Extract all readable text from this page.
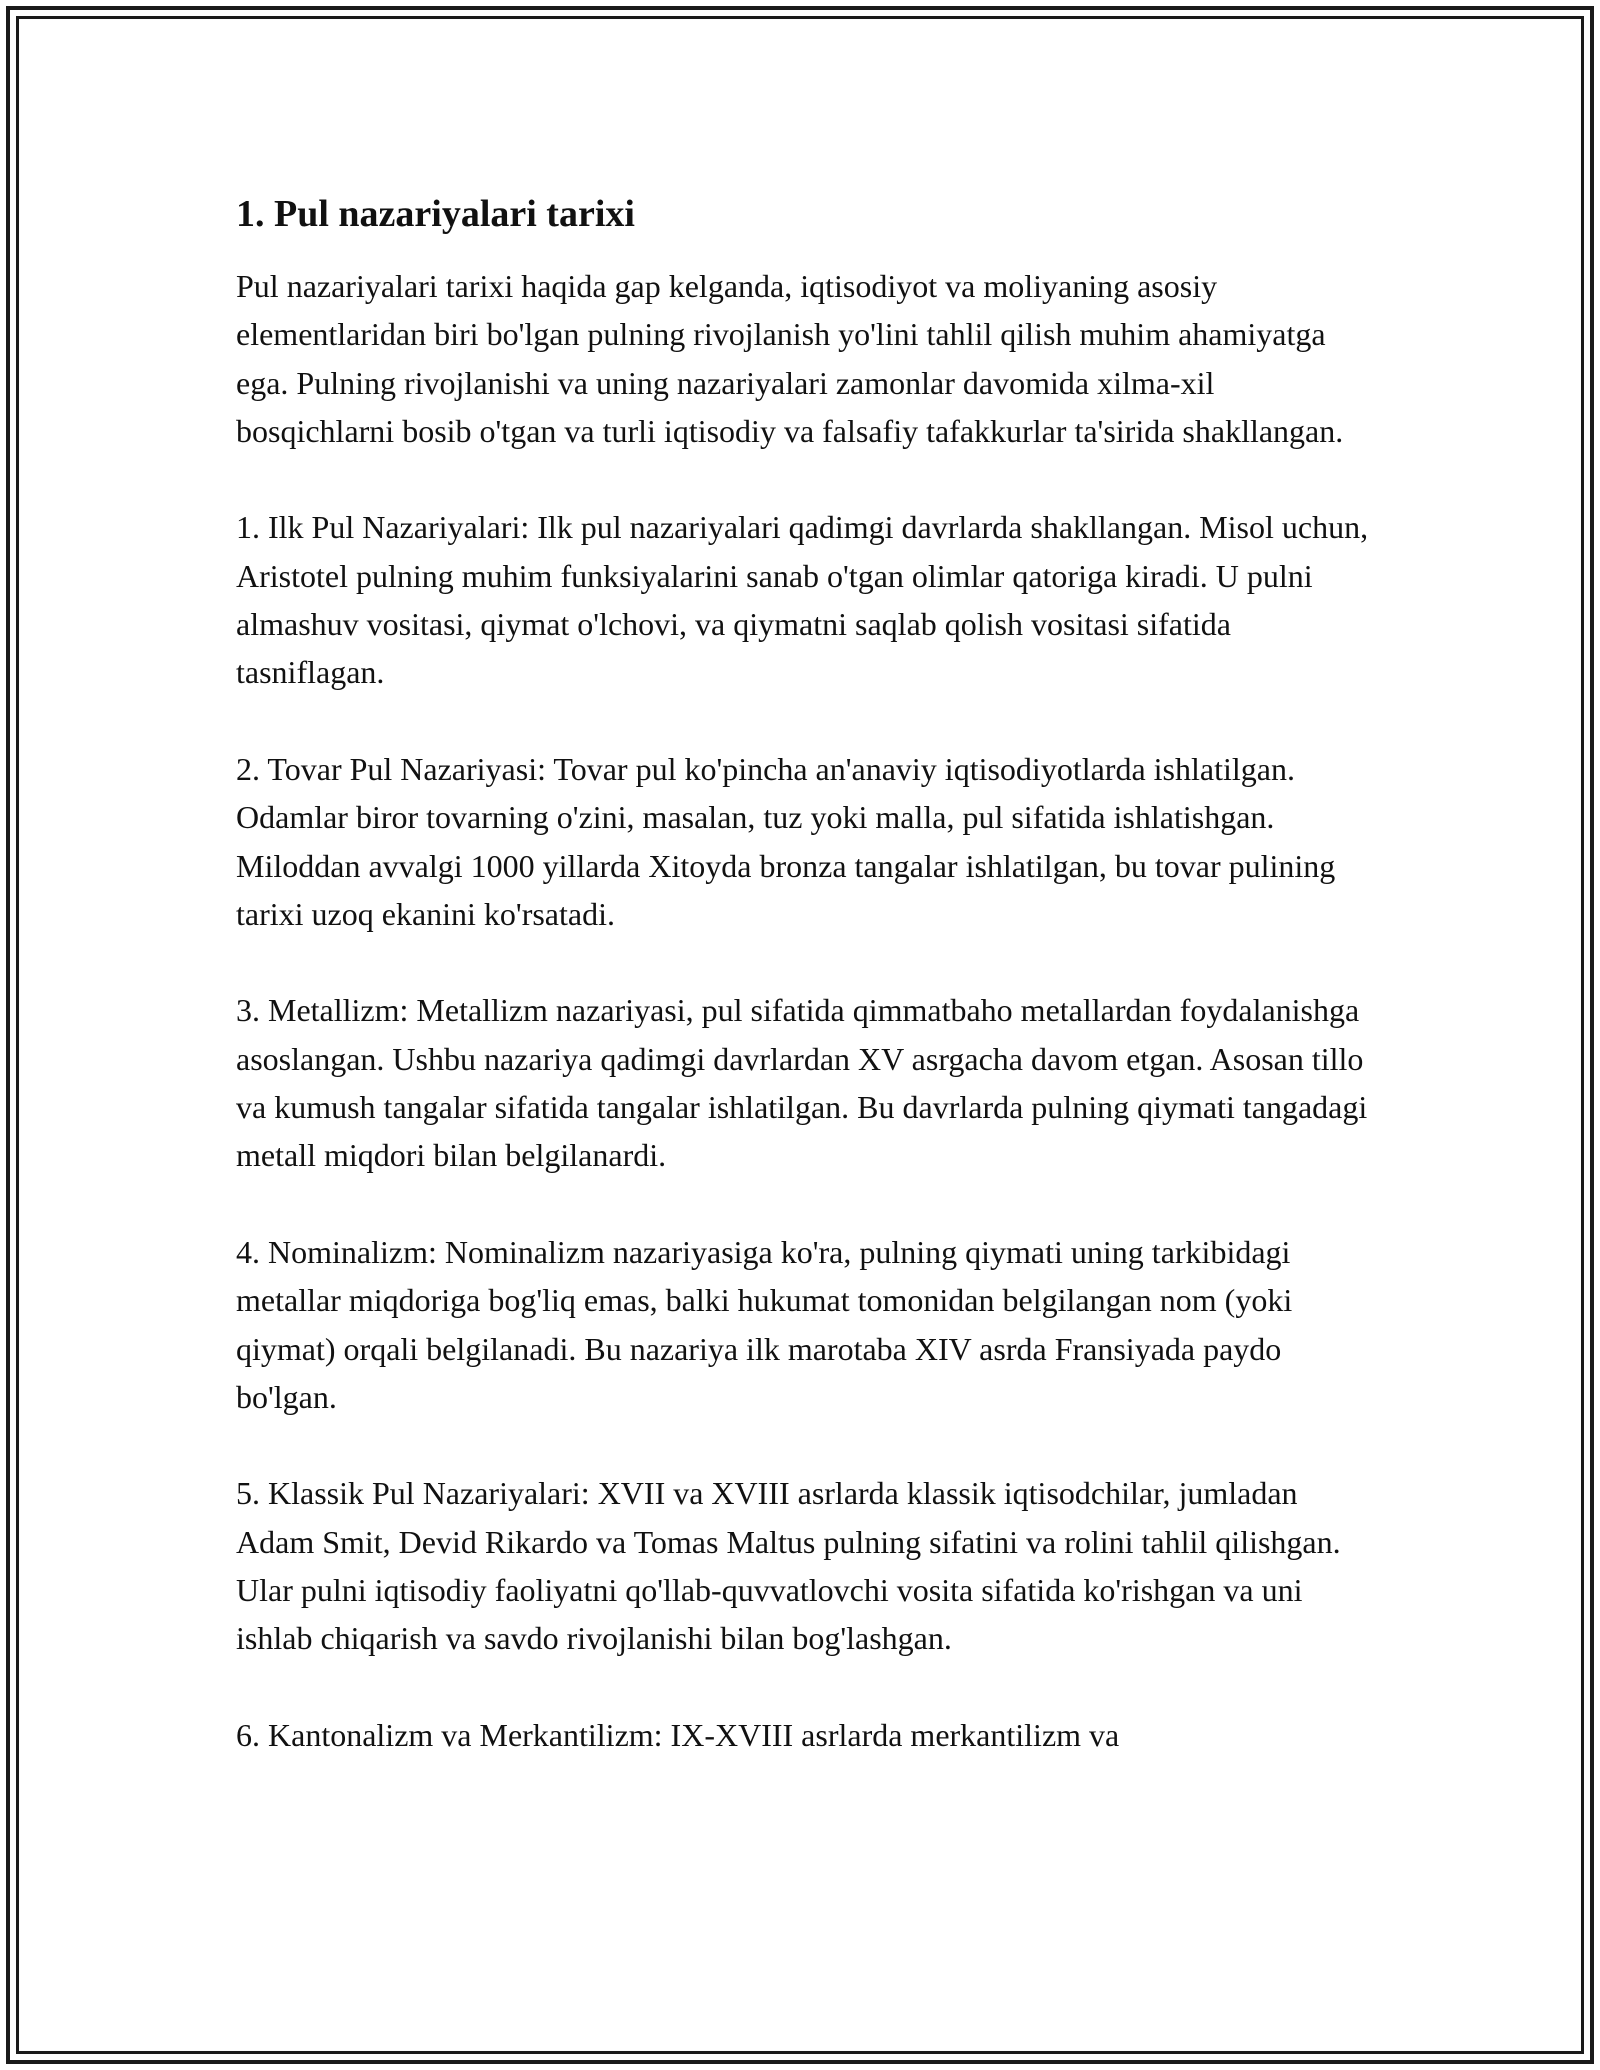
1. Pul nazariyalari tarixi

Pul nazariyalari tarixi haqida gap kelganda, iqtisodiyot va moliyaning asosiy elementlaridan biri bo'lgan pulning rivojlanish yo'lini tahlil qilish muhim ahamiyatga ega. Pulning rivojlanishi va uning nazariyalari zamonlar davomida xilma-xil bosqichlarni bosib o'tgan va turli iqtisodiy va falsafiy tafakkurlar ta'sirida shakllangan.

1. Ilk Pul Nazariyalari: Ilk pul nazariyalari qadimgi davrlarda shakllangan. Misol uchun, Aristotel pulning muhim funksiyalarini sanab o'tgan olimlar qatoriga kiradi. U pulni almashuv vositasi, qiymat o'lchovi, va qiymatni saqlab qolish vositasi sifatida tasniflagan.

2. Tovar Pul Nazariyasi: Tovar pul ko'pincha an'anaviy iqtisodiyotlarda ishlatilgan. Odamlar biror tovarning o'zini, masalan, tuz yoki malla, pul sifatida ishlatishgan. Miloddan avvalgi 1000 yillarda Xitoyda bronza tangalar ishlatilgan, bu tovar pulining tarixi uzoq ekanini ko'rsatadi.

3. Metallizm: Metallizm nazariyasi, pul sifatida qimmatbaho metallardan foydalanishga asoslangan. Ushbu nazariya qadimgi davrlardan XV asrgacha davom etgan. Asosan tillo va kumush tangalar sifatida tangalar ishlatilgan. Bu davrlarda pulning qiymati tangadagi metall miqdori bilan belgilanardi.

4. Nominalizm: Nominalizm nazariyasiga ko'ra, pulning qiymati uning tarkibidagi metallar miqdoriga bog'liq emas, balki hukumat tomonidan belgilangan nom (yoki qiymat) orqali belgilanadi. Bu nazariya ilk marotaba XIV asrda Fransiyada paydo bo'lgan.

5. Klassik Pul Nazariyalari: XVII va XVIII asrlarda klassik iqtisodchilar, jumladan Adam Smit, Devid Rikardo va Tomas Maltus pulning sifatini va rolini tahlil qilishgan. Ular pulni iqtisodiy faoliyatni qo'llab-quvvatlovchi vosita sifatida ko'rishgan va uni ishlab chiqarish va savdo rivojlanishi bilan bog'lashgan.

6. Kantonalizm va Merkantilizm: IX-XVIII asrlarda merkantilizm va
